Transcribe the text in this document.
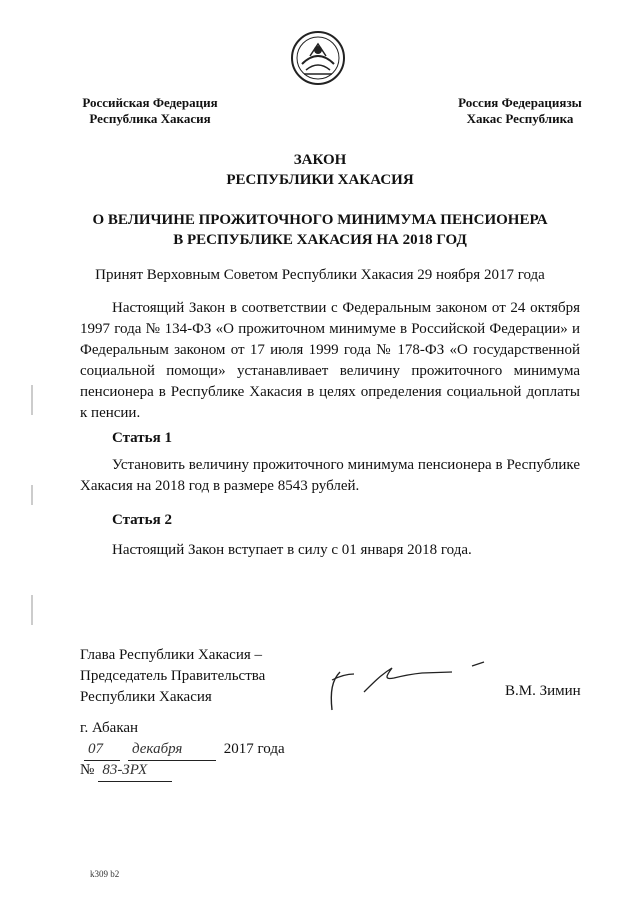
Российская Федерация
Республика Хакасия
Россия Федерациязы
Хакас Республика
ЗАКОН
РЕСПУБЛИКИ ХАКАСИЯ
О ВЕЛИЧИНЕ ПРОЖИТОЧНОГО МИНИМУМА ПЕНСИОНЕРА
В РЕСПУБЛИКЕ ХАКАСИЯ НА 2018 ГОД
Принят Верховным Советом Республики Хакасия 29 ноября 2017 года
Настоящий Закон в соответствии с Федеральным законом от 24 октября 1997 года № 134-ФЗ «О прожиточном минимуме в Российской Федерации» и Федеральным законом от 17 июля 1999 года № 178-ФЗ «О государственной социальной помощи» устанавливает величину прожиточного минимума пенсионера в Республике Хакасия в целях определения социальной доплаты к пенсии.
Статья 1
Установить величину прожиточного минимума пенсионера в Республике Хакасия на 2018 год в размере 8543 рублей.
Статья 2
Настоящий Закон вступает в силу с 01 января 2018 года.
Глава Республики Хакасия –
Председатель Правительства
Республики Хакасия	В.М. Зимин
г. Абакан
07 декабря	2017 года
№ 83-ЗРХ
k309 b2
